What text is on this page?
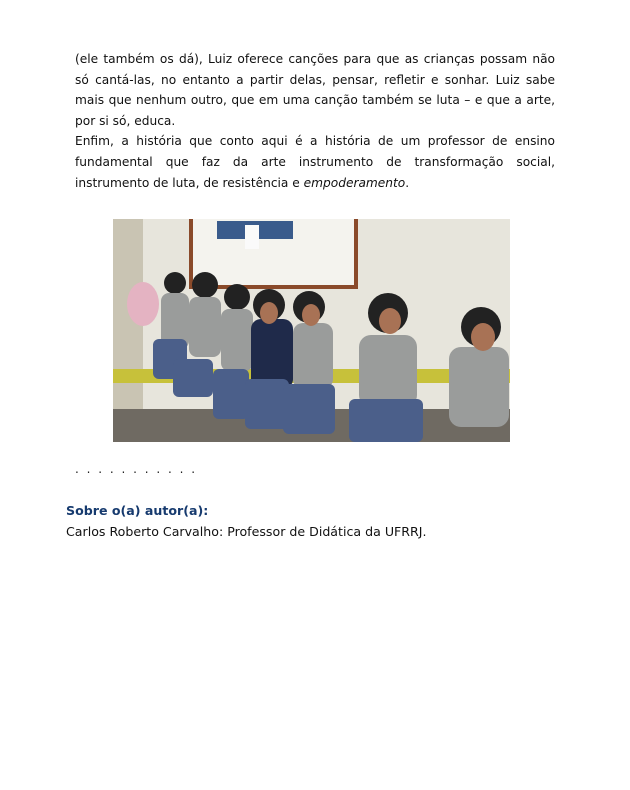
(ele também os dá), Luiz oferece canções para que as crianças possam não só cantá-las, no entanto a partir delas, pensar, refletir e sonhar. Luiz sabe mais que nenhum outro, que em uma canção também se luta – e que a arte, por si só, educa.

Enfim, a história que conto aqui é a história de um professor de ensino fundamental que faz da arte instrumento de transformação social, instrumento de luta, de resistência e empoderamento.

. . . . . . . . . . .
Sobre o(a) autor(a):
Carlos Roberto Carvalho: Professor de Didática da UFRRJ.
